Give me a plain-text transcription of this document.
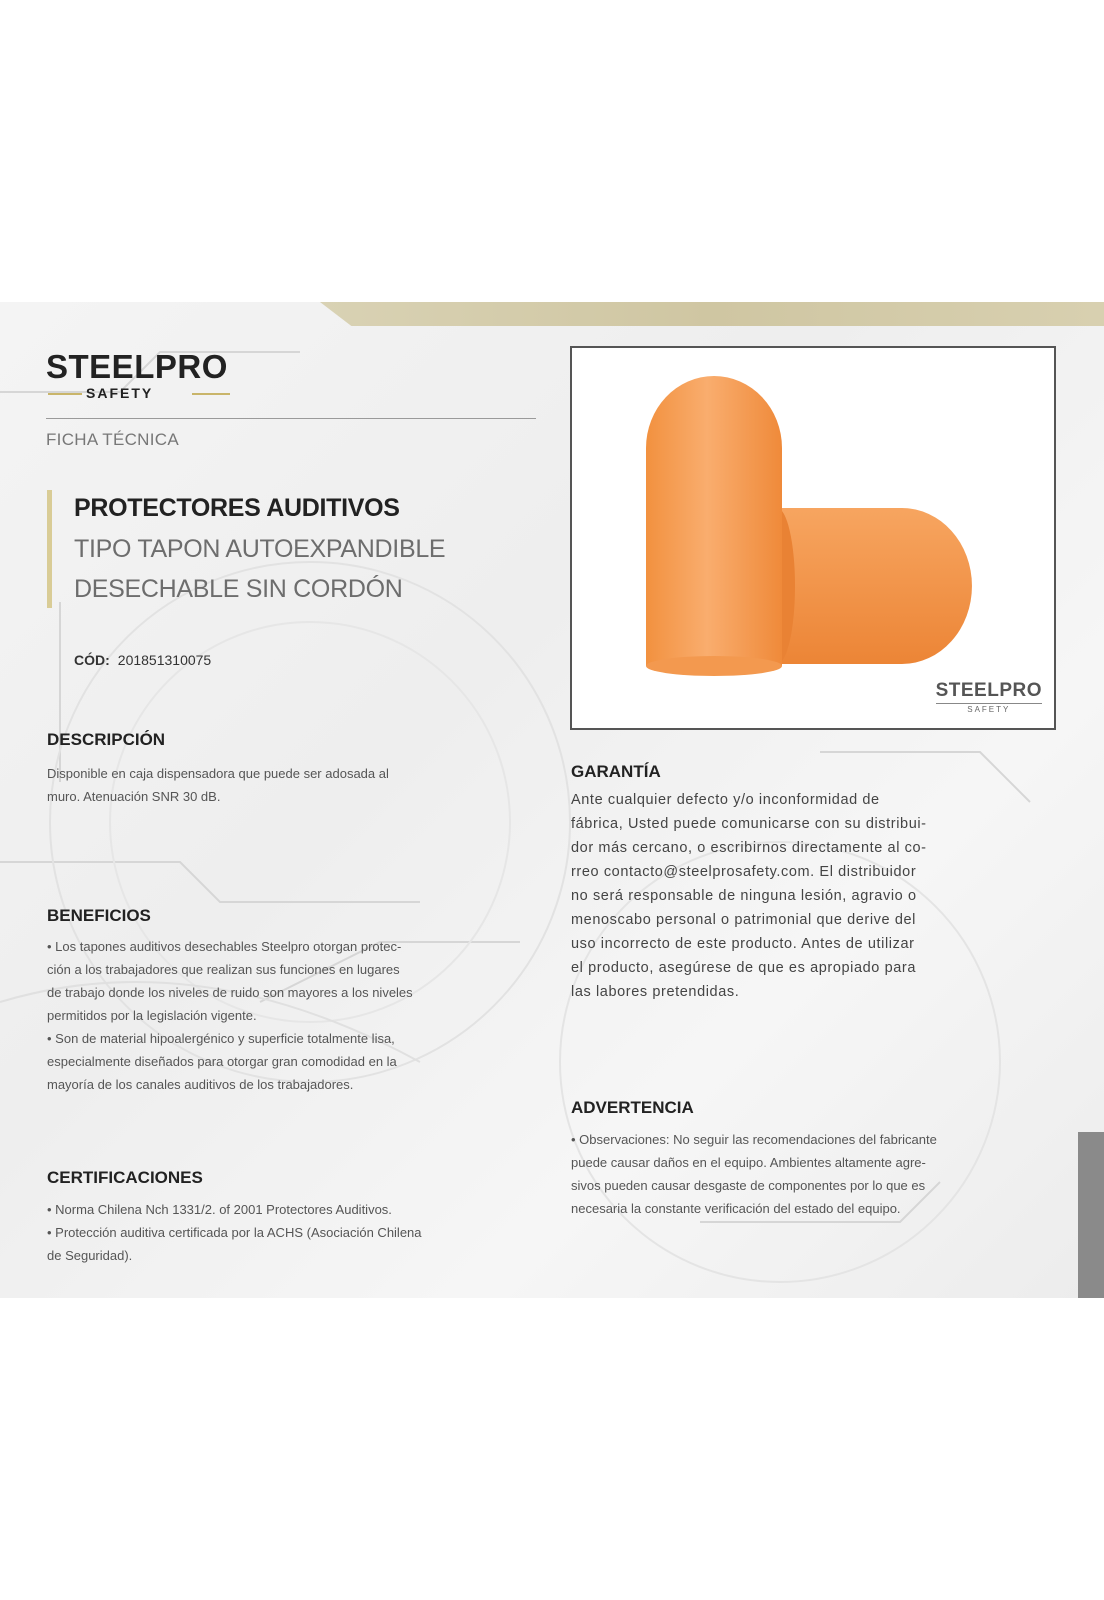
STEELPRO
SAFETY
FICHA TÉCNICA
PROTECTORES AUDITIVOS
TIPO TAPON AUTOEXPANDIBLE
DESECHABLE SIN CORDÓN
CÓD: 201851310075
DESCRIPCIÓN
Disponible en caja dispensadora que puede ser adosada al
muro. Atenuación SNR 30 dB.
BENEFICIOS
• Los tapones auditivos desechables Steelpro otorgan protec-
ción a los trabajadores que realizan sus funciones en lugares
de trabajo donde los niveles de ruido son mayores a los niveles
permitidos por la legislación vigente.
• Son de material hipoalergénico y superficie totalmente lisa,
especialmente diseñados para otorgar gran comodidad en la
mayoría de los canales auditivos de los trabajadores.
CERTIFICACIONES
• Norma Chilena Nch 1331/2. of 2001 Protectores Auditivos.
• Protección auditiva certificada por la ACHS (Asociación Chilena
de Seguridad).
STEELPRO
SAFETY
GARANTÍA
Ante cualquier defecto y/o inconformidad de
fábrica, Usted puede comunicarse con su distribui-
dor más cercano, o escribirnos directamente al co-
rreo contacto@steelprosafety.com. El distribuidor
no será responsable de ninguna lesión, agravio o
menoscabo personal o patrimonial que derive del
uso incorrecto de este producto. Antes de utilizar
el producto, asegúrese de que es apropiado para
las labores pretendidas.
ADVERTENCIA
• Observaciones: No seguir las recomendaciones del fabricante
puede causar daños en el equipo. Ambientes altamente agre-
sivos pueden causar desgaste de componentes por lo que es
necesaria la constante verificación del estado del equipo.
